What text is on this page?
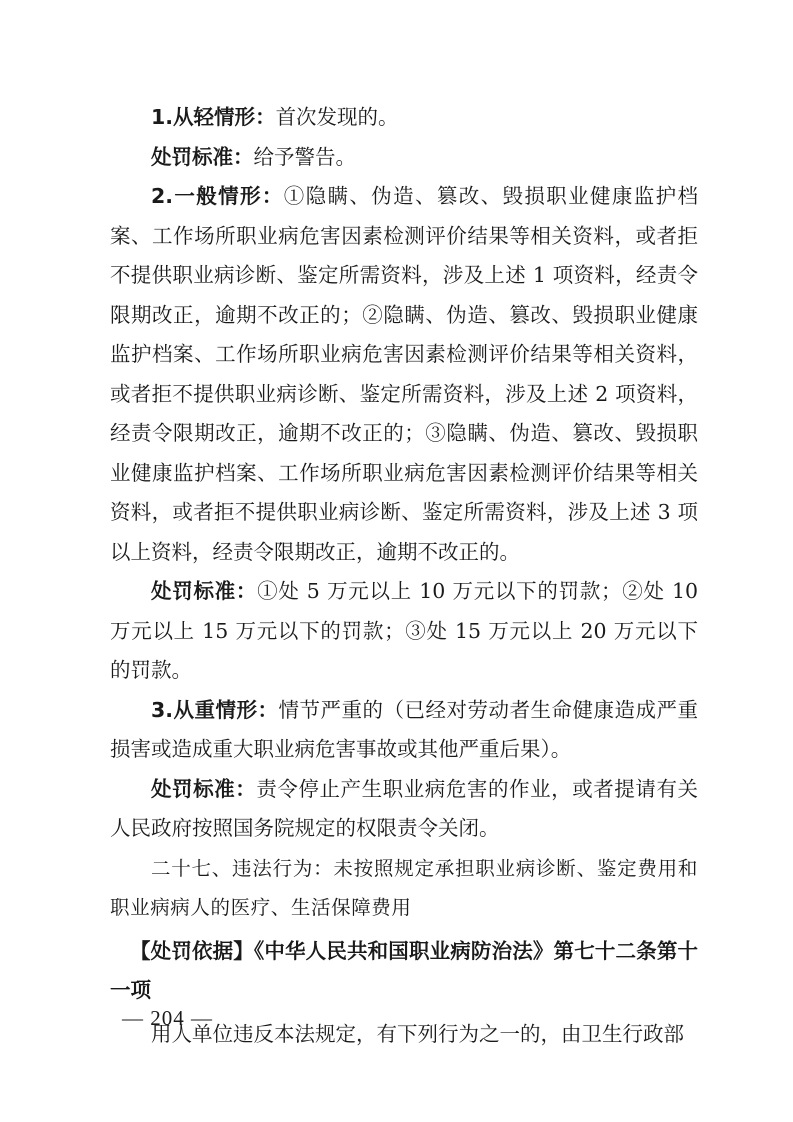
1.从轻情形：首次发现的。

处罚标准：给予警告。

2.一般情形：①隐瞒、伪造、篡改、毁损职业健康监护档案、工作场所职业病危害因素检测评价结果等相关资料，或者拒不提供职业病诊断、鉴定所需资料，涉及上述 1 项资料，经责令限期改正，逾期不改正的；②隐瞒、伪造、篡改、毁损职业健康监护档案、工作场所职业病危害因素检测评价结果等相关资料，或者拒不提供职业病诊断、鉴定所需资料，涉及上述 2 项资料，经责令限期改正，逾期不改正的；③隐瞒、伪造、篡改、毁损职业健康监护档案、工作场所职业病危害因素检测评价结果等相关资料，或者拒不提供职业病诊断、鉴定所需资料，涉及上述 3 项以上资料，经责令限期改正，逾期不改正的。

处罚标准：①处 5 万元以上 10 万元以下的罚款；②处 10 万元以上 15 万元以下的罚款；③处 15 万元以上 20 万元以下的罚款。

3.从重情形：情节严重的（已经对劳动者生命健康造成严重损害或造成重大职业病危害事故或其他严重后果）。

处罚标准：责令停止产生职业病危害的作业，或者提请有关人民政府按照国务院规定的权限责令关闭。

二十七、违法行为：未按照规定承担职业病诊断、鉴定费用和职业病病人的医疗、生活保障费用

【处罚依据】《中华人民共和国职业病防治法》第七十二条第十一项

用人单位违反本法规定，有下列行为之一的，由卫生行政部

— 204 —
